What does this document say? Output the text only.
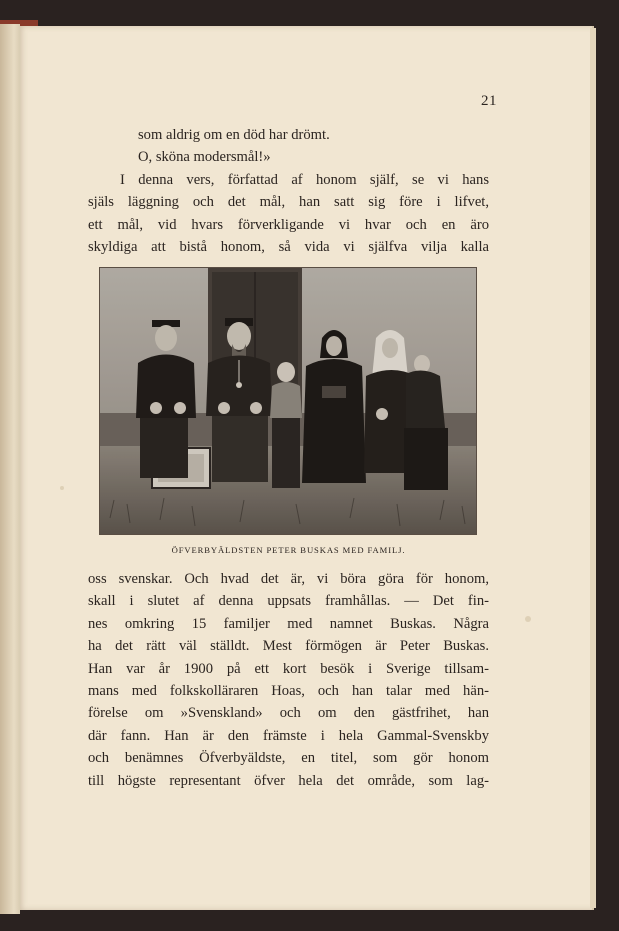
21

som aldrig om en död har drömt.

O, sköna modersmål!»

I denna vers, författad af honom själf, se vi hans

själs läggning och det mål, han satt sig före i lifvet,

ett mål, vid hvars förverkligande vi hvar och en äro

skyldiga att bistå honom, så vida vi själfva vilja kalla

ÖFVERBYÄLDSTEN PETER BUSKAS MED FAMILJ.

oss svenskar. Och hvad det är, vi böra göra för honom,

skall i slutet af denna uppsats framhållas. — Det fin-

nes omkring 15 familjer med namnet Buskas. Några

ha det rätt väl ställdt. Mest förmögen är Peter Buskas.

Han var år 1900 på ett kort besök i Sverige tillsam-

mans med folkskolläraren Hoas, och han talar med hän-

förelse om »Svenskland» och om den gästfrihet, han

där fann. Han är den främste i hela Gammal-Svenskby

och benämnes Öfverbyäldste, en titel, som gör honom

till högste representant öfver hela det område, som lag-
